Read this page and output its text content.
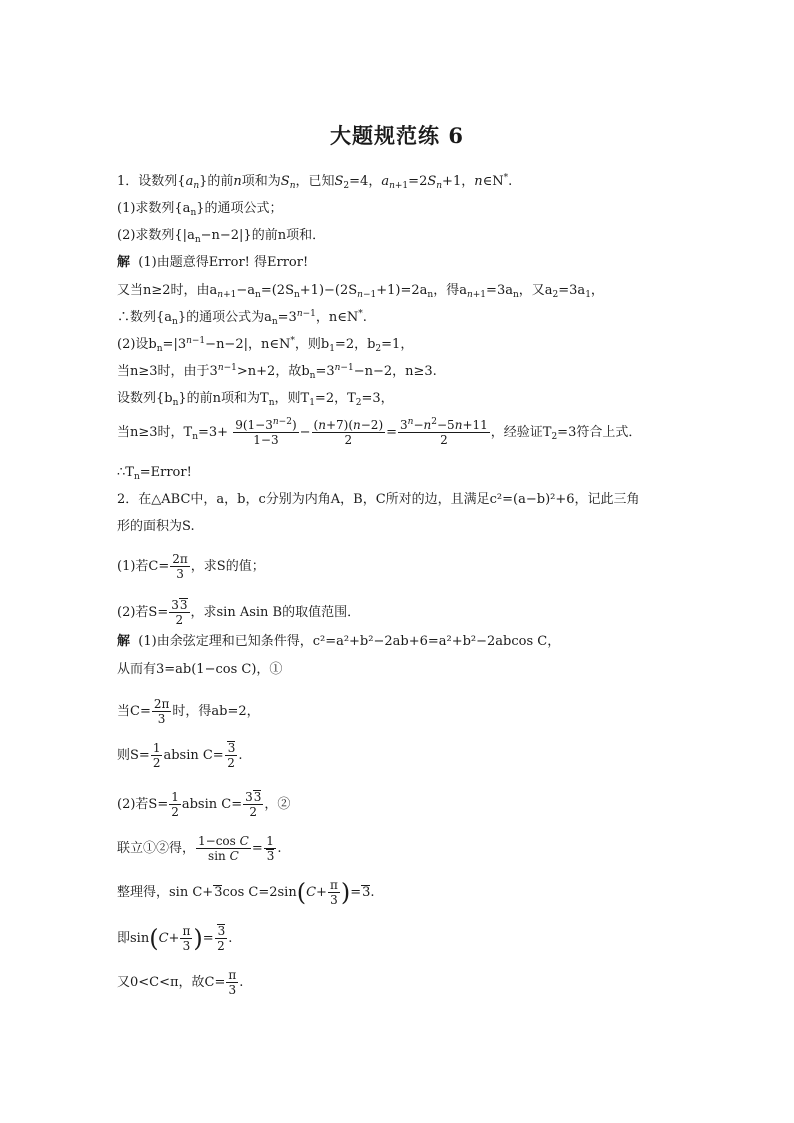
大题规范练 6
1．设数列$\{a_n\}$的前n项和为$S_n$，已知$S_2=4$，$a_{n+1}=2S_n+1$，n∈N*.
(1)求数列$\{a_n\}$的通项公式；
(2)求数列$\{|a_n-n-2|\}$的前n项和．
解 (1)由题意得Error! 得Error!
又当n≥2时，由$a_{n+1}-a_n=(2S_n+1)-(2S_{n-1}+1)=2a_n$，得$a_{n+1}=3a_n$，又$a_2=3a_1$，
∴数列$\{a_n\}$的通项公式为$a_n=3^{n-1}$，n∈N*.
(2)设$b_n=|3^{n-1}-n-2|$，n∈N*，则$b_1=2$，$b_2=1$，
当n≥3时，由于$3^{n-1}>n+2$，故$b_n=3^{n-1}-n-2$，n≥3.
设数列$\{b_n\}$的前n项和为$T_n$，则$T_1=2$，$T_2=3$，
当n≥3时，$T_n=3+ \frac{9(1-3^{n-2})}{1-3} - \frac{(n+7)(n-2)}{2} = \frac{3^n-n^2-5n+11}{2}$ ，经验证$T_2=3$符合上式．
$\therefore T_n=Error$!
2．在△ABC中，a，b，c分别为内角A，B，C所对的边，且满足c²=(a−b)²+6，记此三角
形的面积为S.
(1)若$C= \frac{2\pi}{3}$ ，求S的值；
(2)若$S= \frac{33}{2}$ ，求sin Asin B的取值范围．
解 (1)由余弦定理和已知条件得，c²=a²+b²−2ab+6=a²+b²−2abcos C，
从而有3=ab(1−cos C)，①
当$C= \frac{2\pi}{3}$ 时，得ab=2，
则$S= \frac{1}{2}$ absin $C= \frac{3}{2}$ .
(2)若$S= \frac{1}{2}$ absin $C= \frac{33}{2}$ ，②
联立①②得， $\frac{\text{1−cos C}}{\text{sin C}} = \frac{1}{3}$ .
整理得，sin C+3cos $C=2\sin(C+ \frac{\pi}{3} )=3$.
即$\sin(C+ \frac{\pi}{3}$ )= $\frac{3}{2}$ .
又0<C<π，故$C= \frac{\pi}{3}$ .
